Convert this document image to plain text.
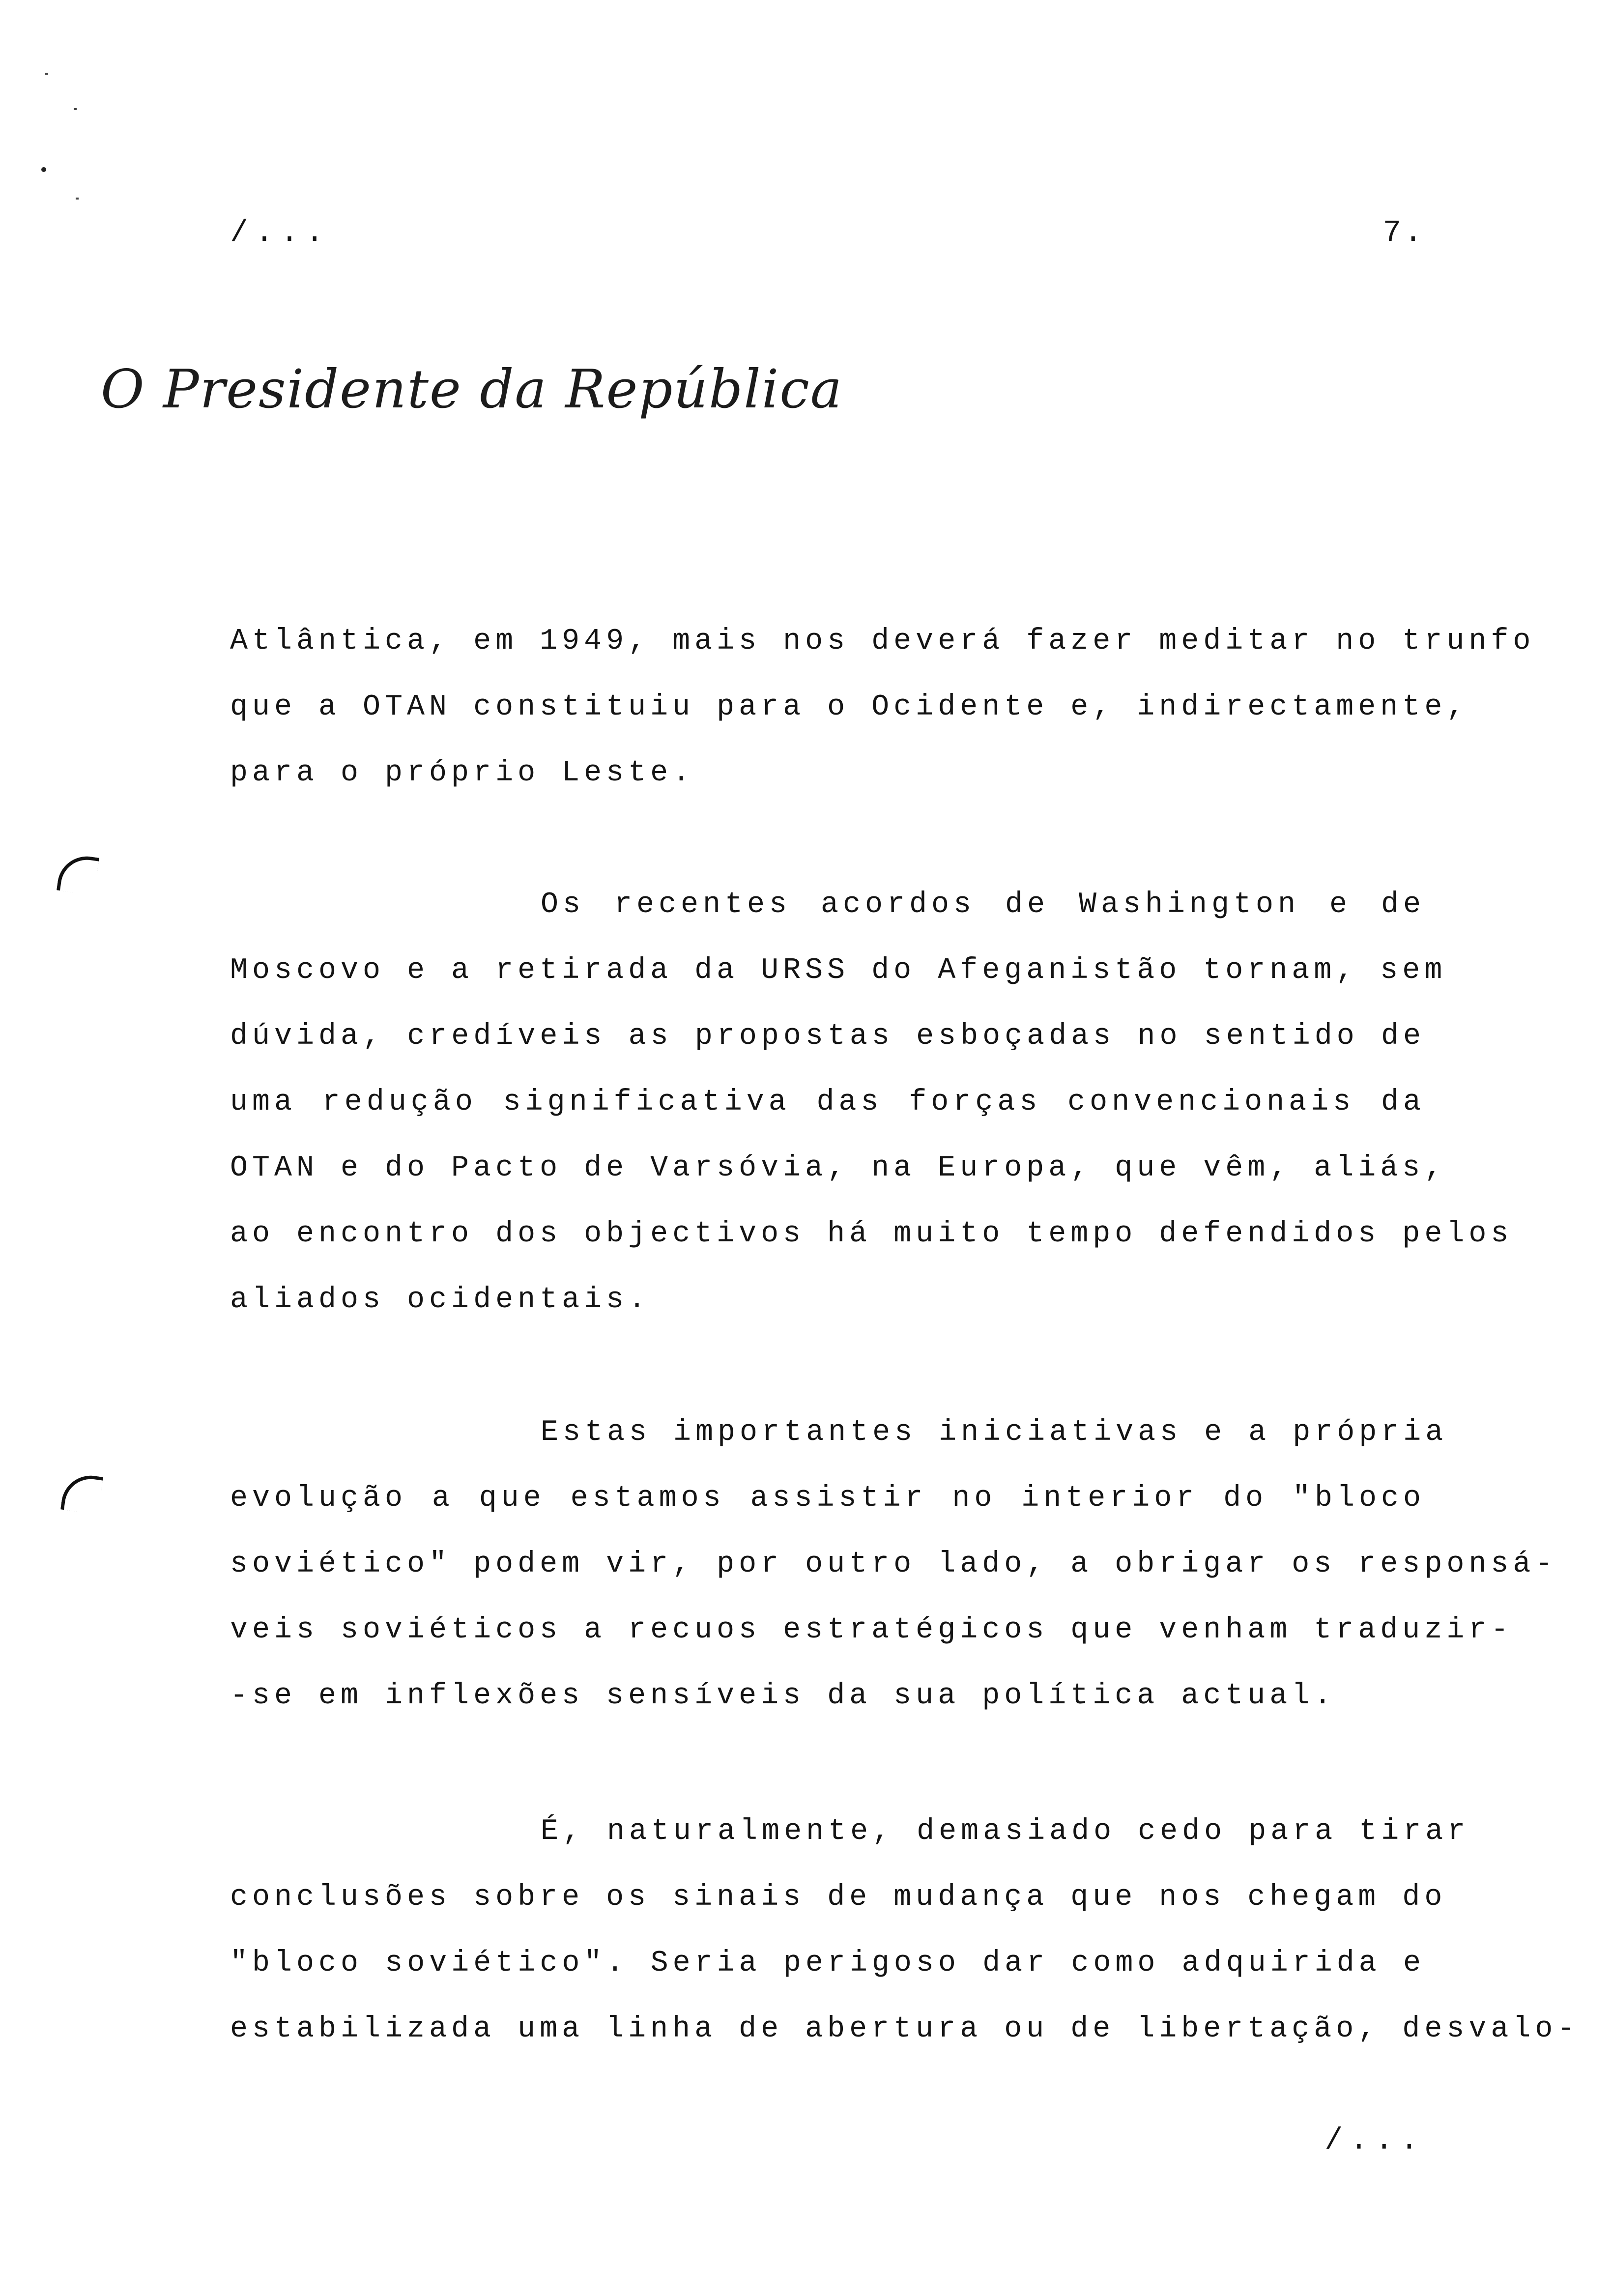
/...	7.
O Presidente da República
Atlântica, em 1949, mais nos deverá fazer meditar no trunfo
que a OTAN constituiu para o Ocidente e, indirectamente,
para o próprio Leste.
Os recentes acordos de Washington e de
Moscovo e a retirada da URSS do Afeganistão tornam, sem
dúvida, credíveis as propostas esboçadas no sentido de
uma redução significativa das forças convencionais da
OTAN e do Pacto de Varsóvia, na Europa, que vêm, aliás,
ao encontro dos objectivos há muito tempo defendidos pelos
aliados ocidentais.
Estas importantes iniciativas e a própria
evolução a que estamos assistir no interior do "bloco
soviético" podem vir, por outro lado, a obrigar os responsá-
veis soviéticos a recuos estratégicos que venham traduzir-
-se em inflexões sensíveis da sua política actual.
É, naturalmente, demasiado cedo para tirar
conclusões sobre os sinais de mudança que nos chegam do
"bloco soviético". Seria perigoso dar como adquirida e
estabilizada uma linha de abertura ou de libertação, desvalo-
/...
